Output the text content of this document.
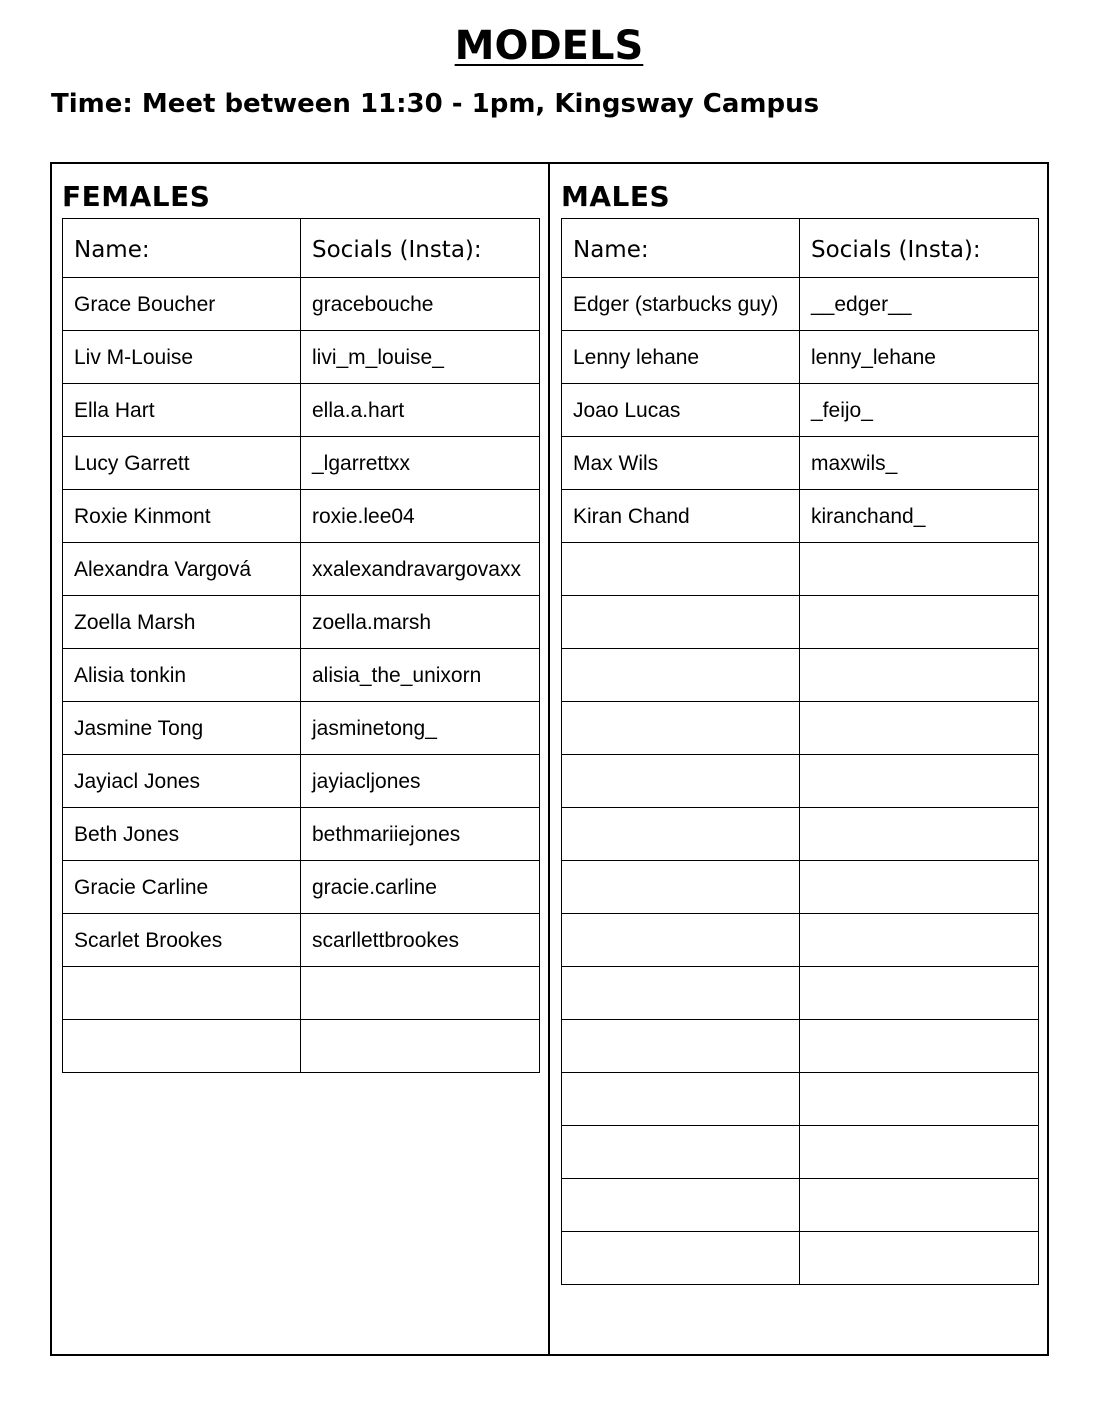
MODELS
Time: Meet between 11:30 - 1pm, Kingsway Campus
FEMALES	MALES
Name:	Socials (Insta):
Grace Boucher	gracebouche
Liv M-Louise	livi_m_louise_
Ella Hart	ella.a.hart
Lucy Garrett	_lgarrettxx
Roxie Kinmont	roxie.lee04
Alexandra Vargová	xxalexandravargovaxx
Zoella Marsh	zoella.marsh
Alisia tonkin	alisia_the_unixorn
Jasmine Tong	jasminetong_
Jayiacl Jones	jayiacljones
Beth Jones	bethmariiejones
Gracie Carline	gracie.carline
Scarlet Brookes	scarllettbrookes

Name:	Socials (Insta):
Edger (starbucks guy)	__edger__
Lenny lehane	lenny_lehane
Joao Lucas	_feijo_
Max Wils	maxwils_
Kiran Chand	kiranchand_
